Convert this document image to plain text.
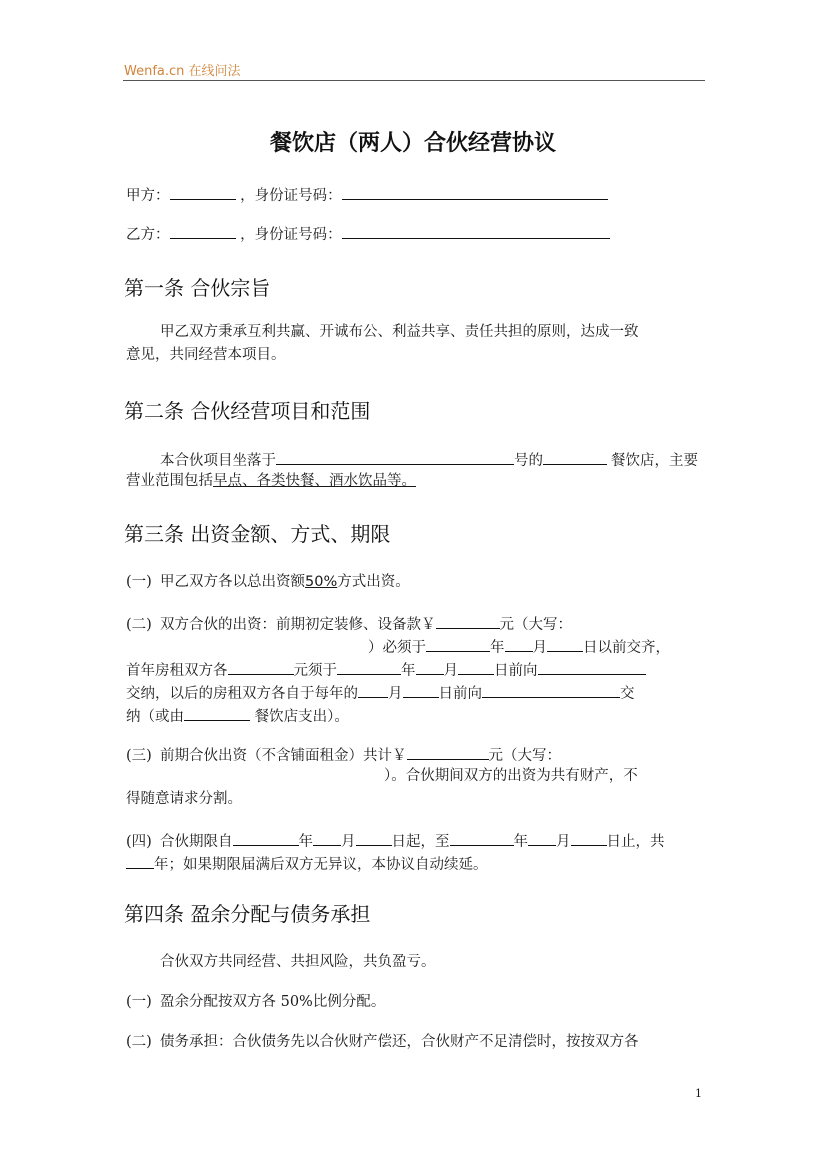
Wenfa.cn 在线问法
餐饮店（两人）合伙经营协议
甲方：	，身份证号码：
乙方：	，身份证号码：
第一条 合伙宗旨
甲乙双方秉承互利共赢、开诚布公、利益共享、责任共担的原则，达成一致
意见，共同经营本项目。
第二条 合伙经营项目和范围
本合伙项目坐落于	号的	餐饮店，主要
营业范围包括早点、各类快餐、酒水饮品等。
第三条 出资金额、方式、期限
(一) 甲乙双方各以总出资额50%方式出资。
(二) 双方合伙的出资：前期初定装修、设备款￥	元（大写：
）必须于	年 月 日以前交齐，
首年房租双方各	元须于	年 月 日前向
交纳，以后的房租双方各自于每年的 月 日前向	交
纳（或由	餐饮店支出）。
(三) 前期合伙出资（不含铺面租金）共计￥	元（大写：
）。合伙期间双方的出资为共有财产，不
得随意请求分割。
(四) 合伙期限自	年 月 日起，至	年 月 日止，共
年；如果期限届满后双方无异议，本协议自动续延。
第四条 盈余分配与债务承担
合伙双方共同经营、共担风险，共负盈亏。
(一) 盈余分配按双方各 50%比例分配。
(二) 债务承担：合伙债务先以合伙财产偿还，合伙财产不足清偿时，按按双方各
1
